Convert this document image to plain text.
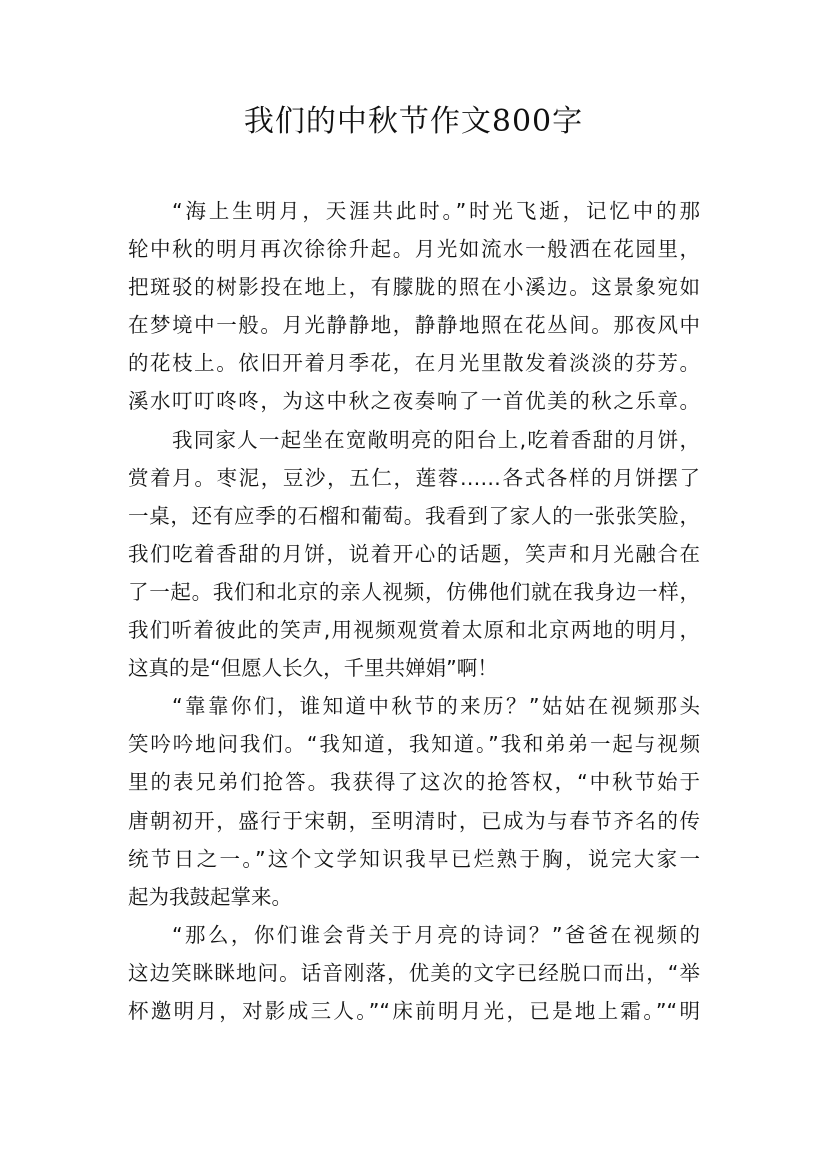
我们的中秋节作文800字
“海上生明月，天涯共此时。”时光飞逝，记忆中的那
轮中秋的明月再次徐徐升起。月光如流水一般洒在花园里，
把斑驳的树影投在地上，有朦胧的照在小溪边。这景象宛如
在梦境中一般。月光静静地，静静地照在花丛间。那夜风中
的花枝上。依旧开着月季花，在月光里散发着淡淡的芬芳。
溪水叮叮咚咚，为这中秋之夜奏响了一首优美的秋之乐章。
我同家人一起坐在宽敞明亮的阳台上,吃着香甜的月饼，
赏着月。枣泥，豆沙，五仁，莲蓉……各式各样的月饼摆了
一桌，还有应季的石榴和葡萄。我看到了家人的一张张笑脸，
我们吃着香甜的月饼，说着开心的话题，笑声和月光融合在
了一起。我们和北京的亲人视频，仿佛他们就在我身边一样，
我们听着彼此的笑声,用视频观赏着太原和北京两地的明月，
这真的是“但愿人长久，千里共婵娟”啊！
“靠靠你们，谁知道中秋节的来历？”姑姑在视频那头
笑吟吟地问我们。“我知道，我知道。”我和弟弟一起与视频
里的表兄弟们抢答。我获得了这次的抢答权，“中秋节始于
唐朝初开，盛行于宋朝，至明清时，已成为与春节齐名的传
统节日之一。”这个文学知识我早已烂熟于胸，说完大家一
起为我鼓起掌来。
“那么，你们谁会背关于月亮的诗词？”爸爸在视频的
这边笑眯眯地问。话音刚落，优美的文字已经脱口而出，“举
杯邀明月，对影成三人。”“床前明月光，已是地上霜。”“明
